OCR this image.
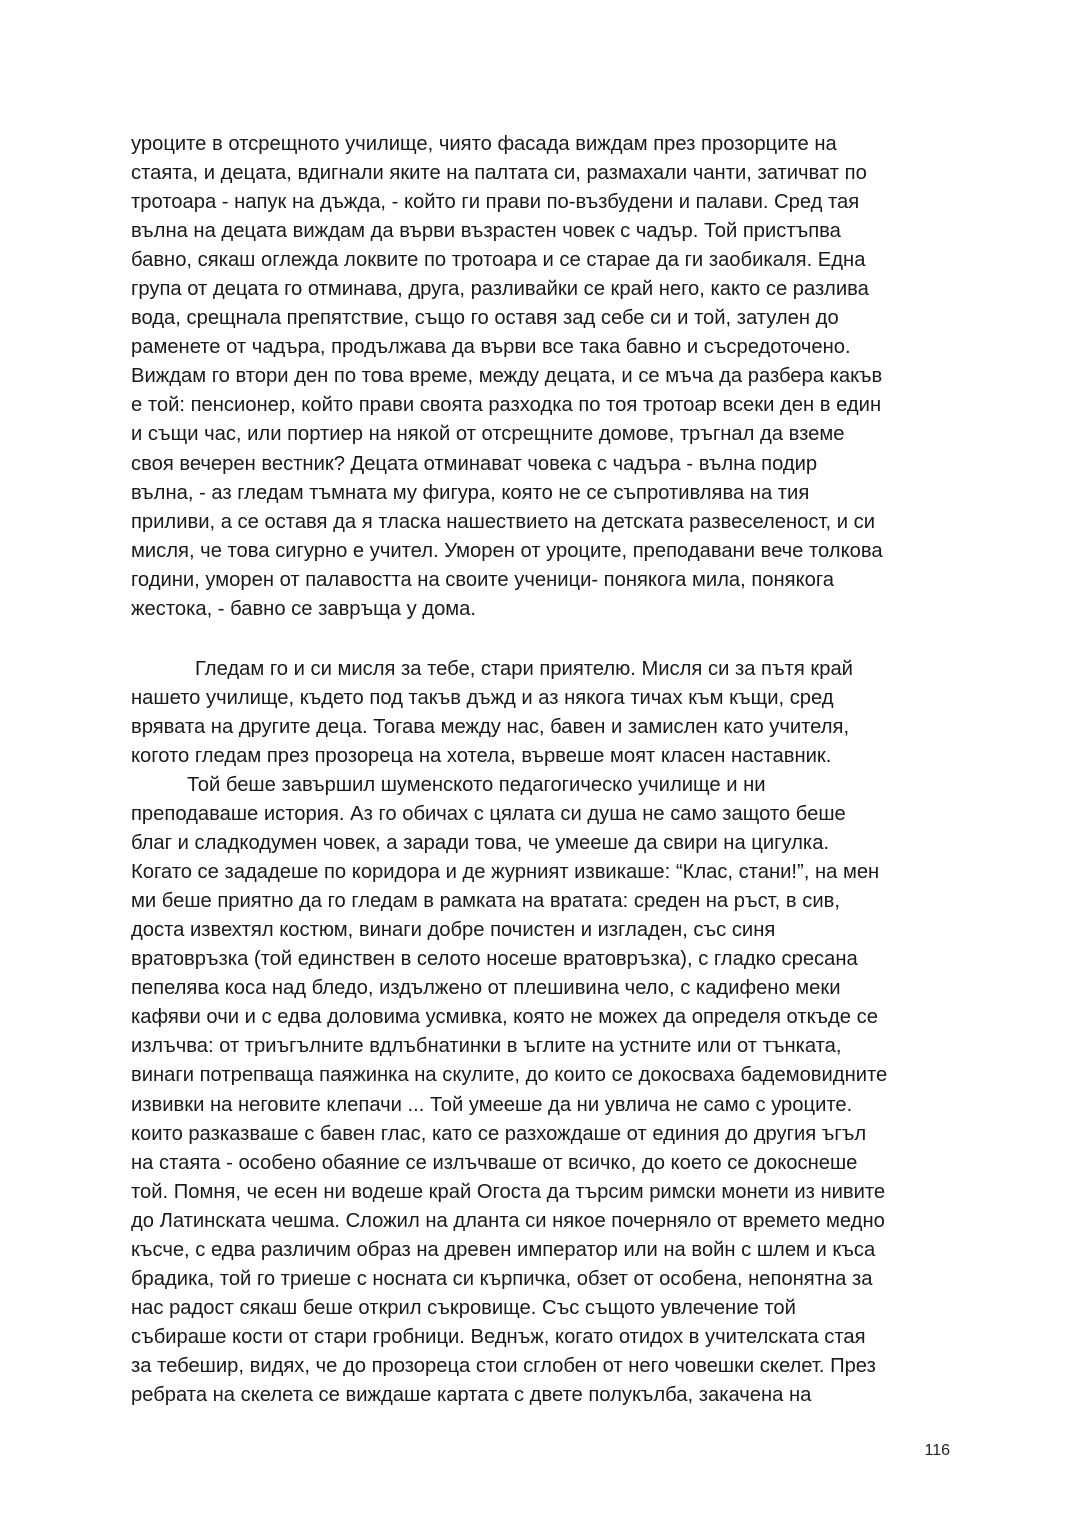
уроците в отсрещното училище, чиято фасада виждам през прозорците на
стаята, и децата, вдигнали яките на палтата си, размахали чанти, затичват по
тротоара - напук на дъжда, - който ги прави по-възбудени и палави. Сред тая
вълна на децата виждам да върви възрастен човек с чадър. Той пристъпва
бавно, сякаш оглежда локвите по тротоара и се старае да ги заобикаля. Една
група от децата го отминава, друга, разливайки се край него, както се разлива
вода, срещнала препятствие, също го оставя зад себе си и той, затулен до
раменете от чадъра, продължава да върви все така бавно и съсредоточено.
Виждам го втори ден по това време, между децата, и се мъча да разбера какъв
е той: пенсионер, който прави своята разходка по тоя тротоар всеки ден в един
и същи час, или портиер на някой от отсрещните домове, тръгнал да вземе
своя вечерен вестник? Децата отминават човека с чадъра - вълна подир
вълна, - аз гледам тъмната му фигура, която не се съпротивлява на тия
приливи, а се оставя да я тласка нашествието на детската развеселеност, и си
мисля, че това сигурно е учител. Уморен от уроците, преподавани вече толкова
години, уморен от палавостта на своите ученици- понякога мила, понякога
жестока, - бавно се завръща у дома.

Гледам го и си мисля за тебе, стари приятелю. Мисля си за пътя край
нашето училище, където под такъв дъжд и аз някога тичах към къщи, сред
врявата на другите деца. Тогава между нас, бавен и замислен като учителя,
когото гледам през прозореца на хотела, вървеше моят класен наставник.

Той беше завършил шуменското педагогическо училище и ни
преподаваше история. Аз го обичах с цялата си душа не само защото беше
благ и сладкодумен човек, а заради това, че умееше да свири на цигулка.
Когато се зададеше по коридора и де журният извикаше: “Клас, стани!”, на мен
ми беше приятно да го гледам в рамката на вратата: среден на ръст, в сив,
доста извехтял костюм, винаги добре почистен и изгладен, със синя
вратовръзка (той единствен в селото носеше вратовръзка), с гладко сресана
пепелява коса над бледо, издължено от плешивина чело, с кадифено меки
кафяви очи и с едва доловима усмивка, която не можех да определя откъде се
излъчва: от триъгълните вдлъбнатинки в ъглите на устните или от тънката,
винаги потрепваща паяжинка на скулите, до които се докосваха бадемовидните
извивки на неговите клепачи ... Той умееше да ни увлича не само с уроците.
които разказваше с бавен глас, като се разхождаше от единия до другия ъгъл
на стаята - особено обаяние се излъчваше от всичко, до което се докоснеше
той. Помня, че есен ни водеше край Огоста да търсим римски монети из нивите
до Латинската чешма. Сложил на дланта си някое почерняло от времето медно
късче, с едва различим образ на древен император или на войн с шлем и къса
брадика, той го триеше с носната си кърпичка, обзет от особена, непонятна за
нас радост сякаш беше открил съкровище. Със същото увлечение той
събираше кости от стари гробници. Веднъж, когато отидох в учителската стая
за тебешир, видях, че до прозореца стои сглобен от него човешки скелет. През
ребрата на скелета се виждаше картата с двете полукълба, закачена на

116
